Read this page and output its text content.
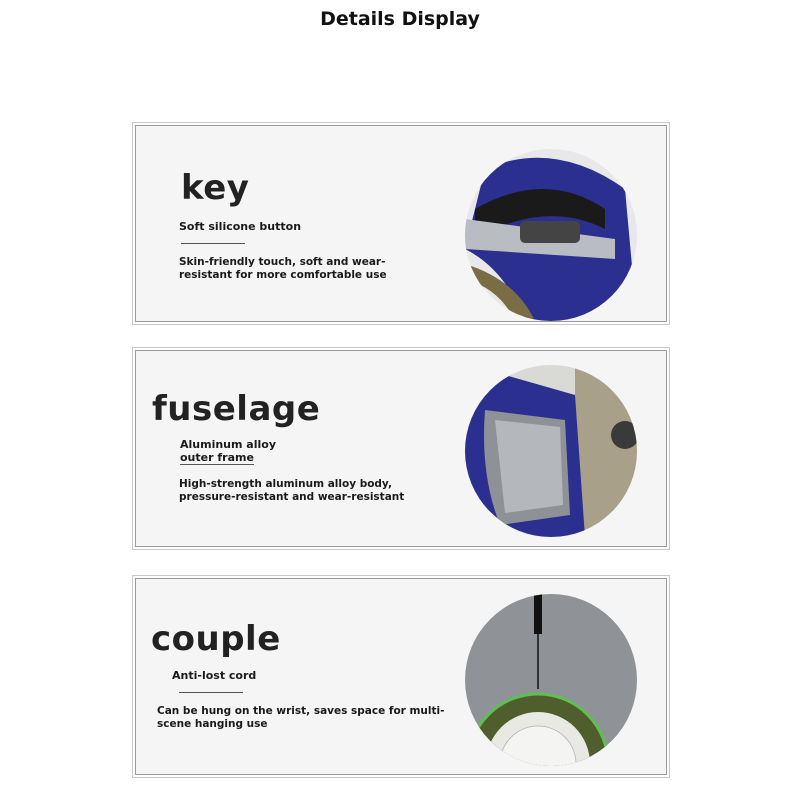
Details Display
key
Soft silicone button
Skin-friendly touch, soft and wear-
resistant for more comfortable use
fuselage
Aluminum alloy
outer frame
High-strength aluminum alloy body,
pressure-resistant and wear-resistant
couple
Anti-lost cord
Can be hung on the wrist, saves space for multi-
scene hanging use
